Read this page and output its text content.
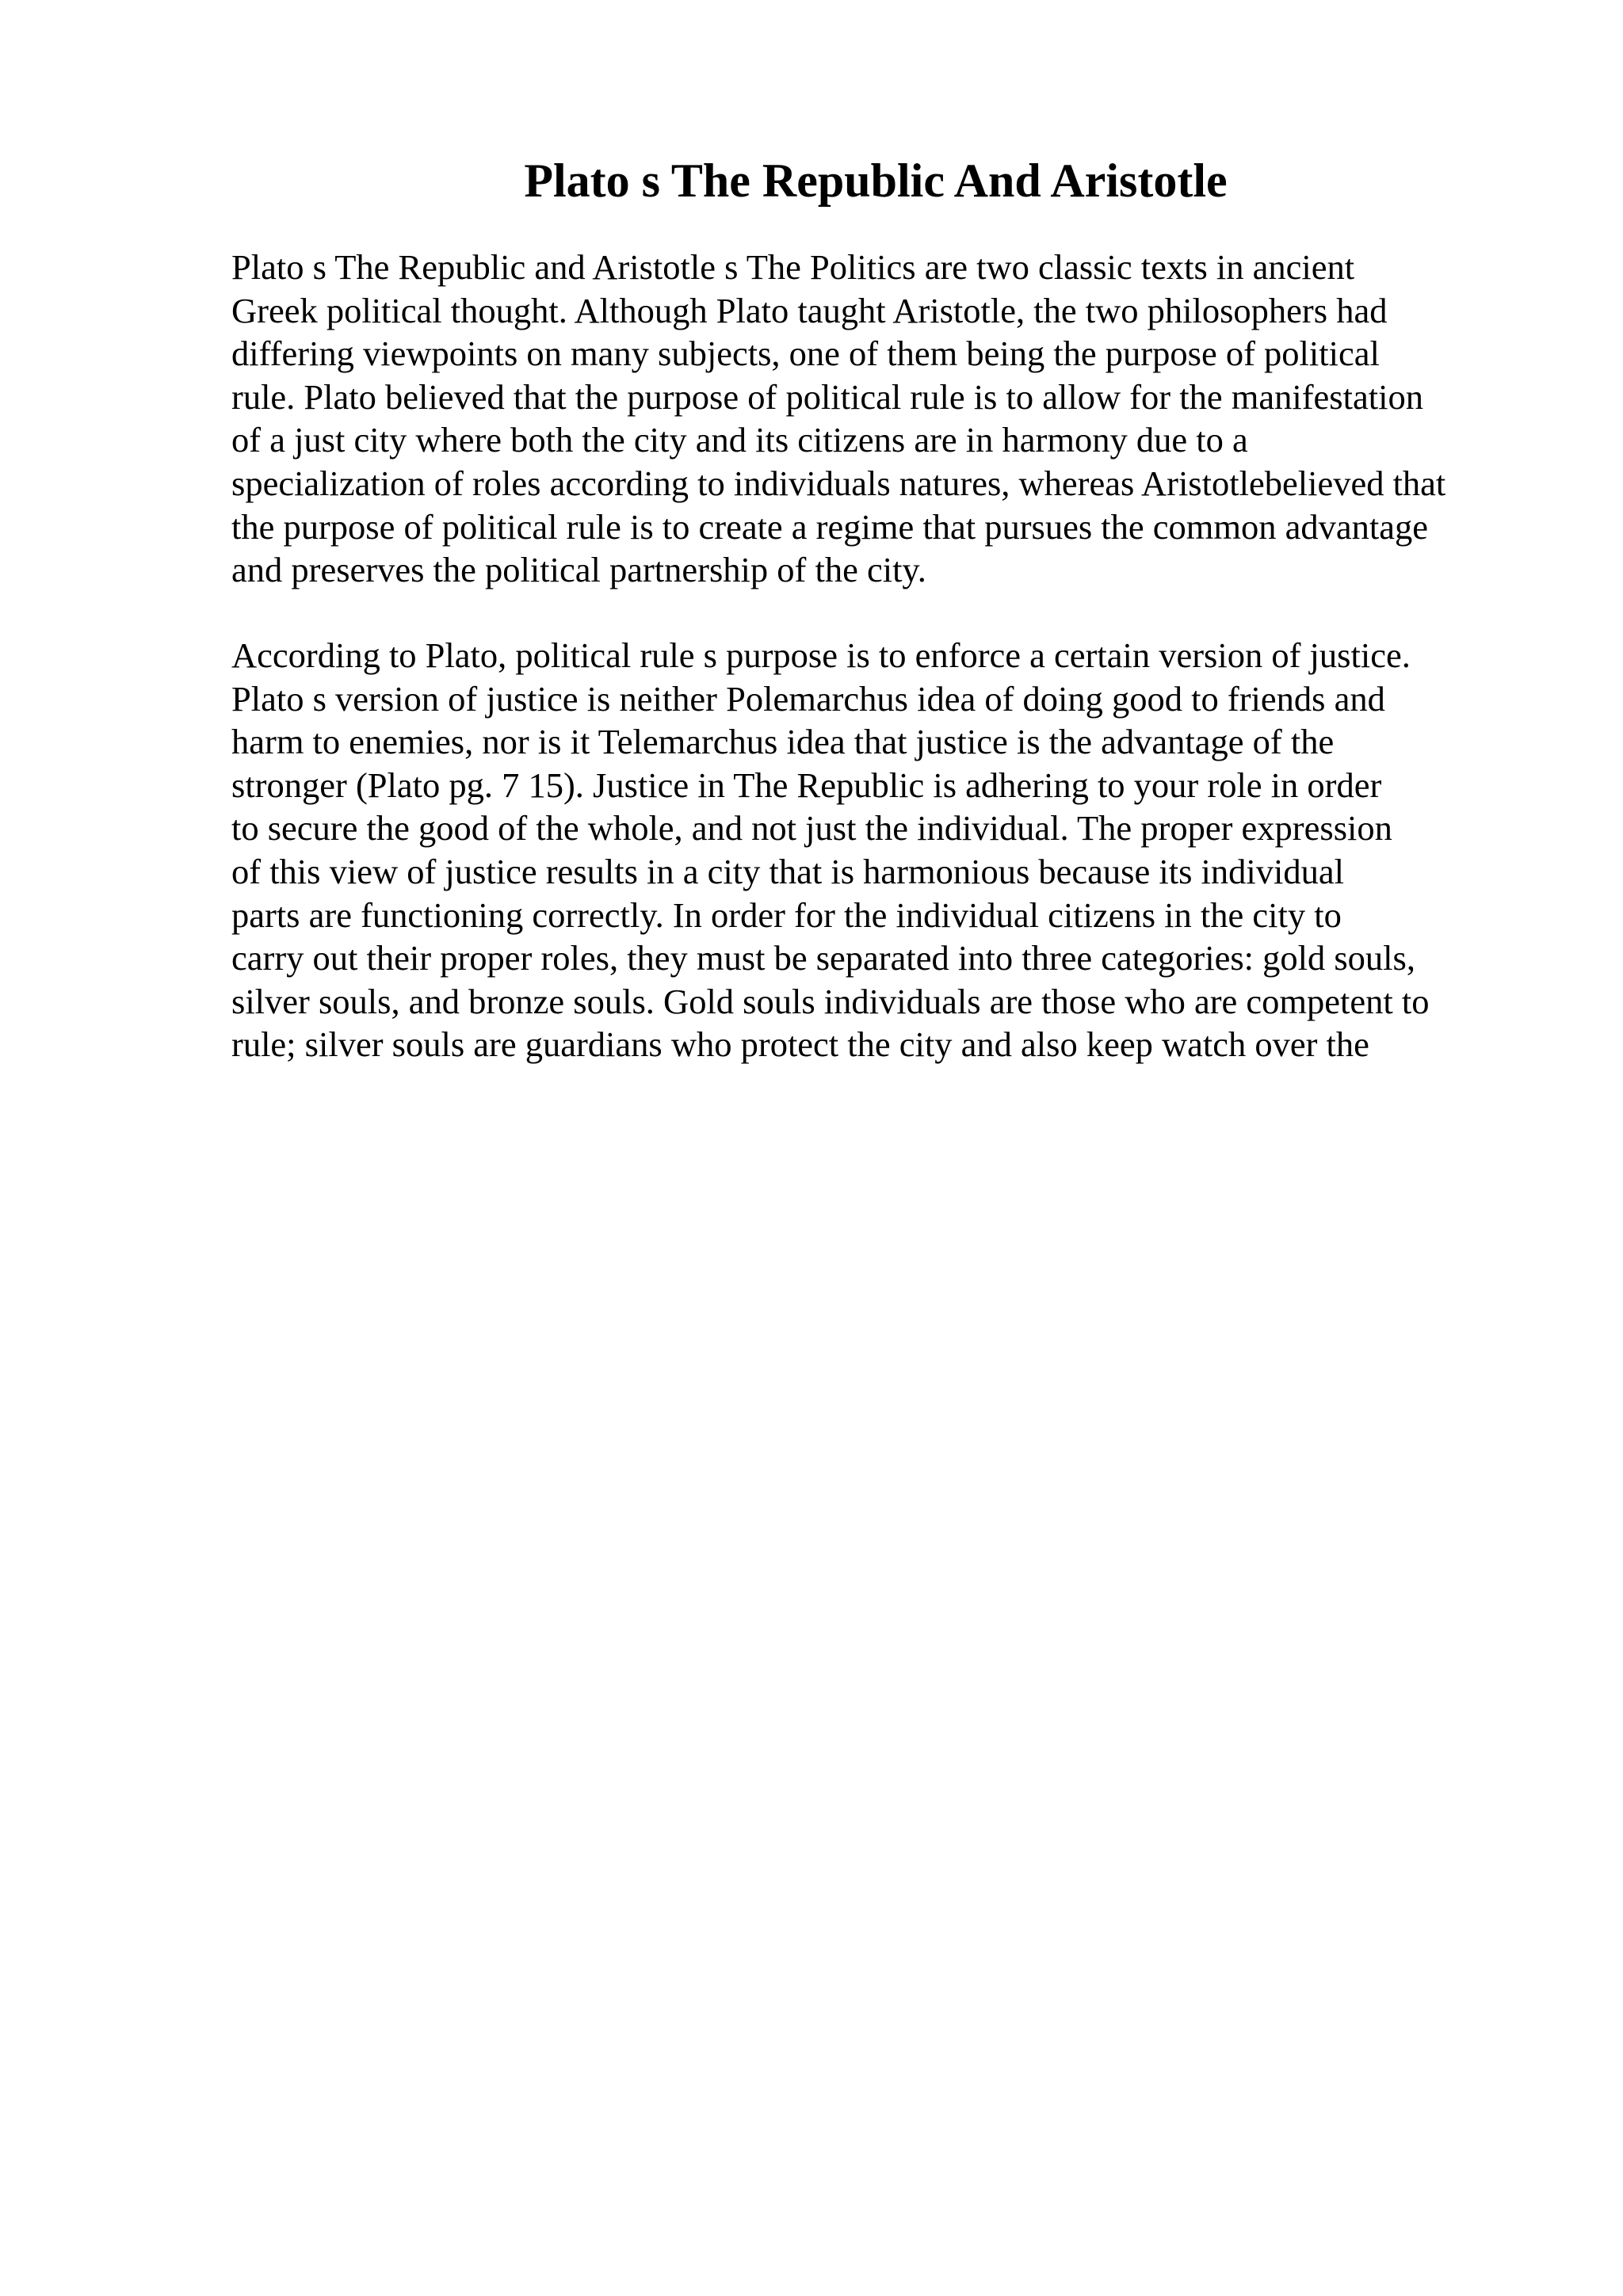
Plato s The Republic And Aristotle

Plato s The Republic and Aristotle s The Politics are two classic texts in ancient
Greek political thought. Although Plato taught Aristotle, the two philosophers had
differing viewpoints on many subjects, one of them being the purpose of political
rule. Plato believed that the purpose of political rule is to allow for the manifestation
of a just city where both the city and its citizens are in harmony due to a
specialization of roles according to individuals natures, whereas Aristotlebelieved that
the purpose of political rule is to create a regime that pursues the common advantage
and preserves the political partnership of the city.

According to Plato, political rule s purpose is to enforce a certain version of justice.
Plato s version of justice is neither Polemarchus idea of doing good to friends and
harm to enemies, nor is it Telemarchus idea that justice is the advantage of the
stronger (Plato pg. 7 15). Justice in The Republic is adhering to your role in order
to secure the good of the whole, and not just the individual. The proper expression
of this view of justice results in a city that is harmonious because its individual
parts are functioning correctly. In order for the individual citizens in the city to
carry out their proper roles, they must be separated into three categories: gold souls,
silver souls, and bronze souls. Gold souls individuals are those who are competent to
rule; silver souls are guardians who protect the city and also keep watch over the
